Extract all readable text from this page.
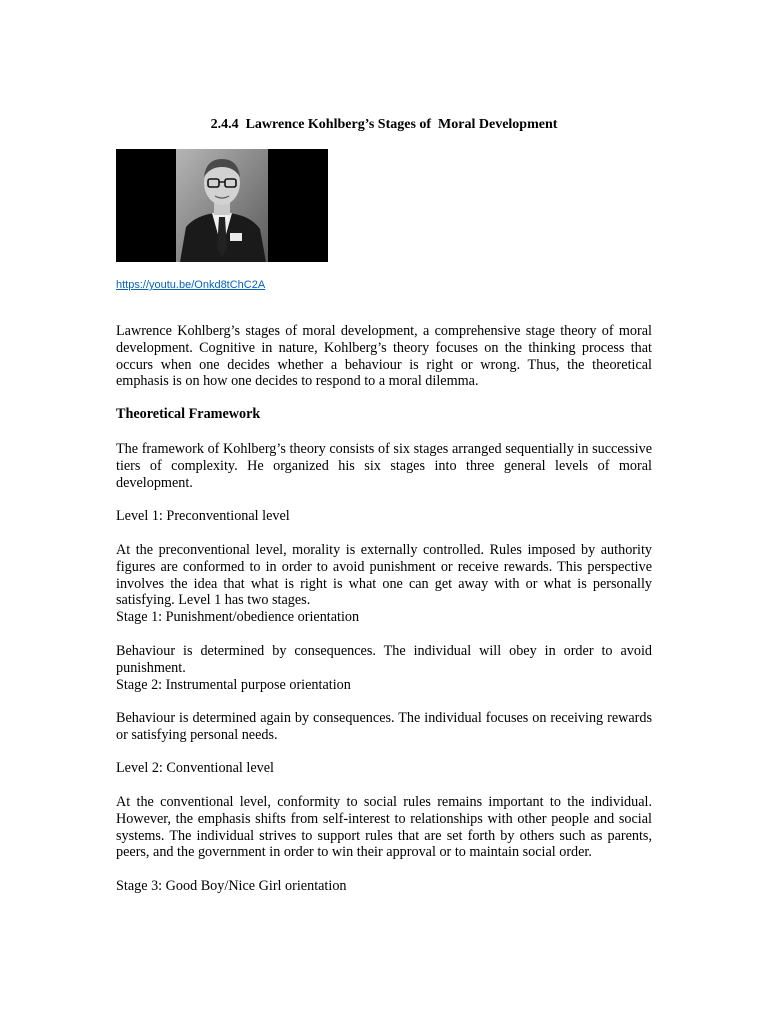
2.4.4  Lawrence Kohlberg’s Stages of  Moral Development
https://youtu.be/Onkd8tChC2A

Lawrence Kohlberg’s stages of moral development, a comprehensive stage theory of moral development. Cognitive in nature, Kohlberg’s theory focuses on the thinking process that occurs when one decides whether a behaviour is right or wrong. Thus, the theoretical emphasis is on how one decides to respond to a moral dilemma.

Theoretical Framework

The framework of Kohlberg’s theory consists of six stages arranged sequentially in successive tiers of complexity. He organized his six stages into three general levels of moral development.

Level 1: Preconventional level

At the preconventional level, morality is externally controlled. Rules imposed by authority figures are conformed to in order to avoid punishment or receive rewards. This perspective involves the idea that what is right is what one can get away with or what is personally satisfying. Level 1 has two stages.

Stage 1: Punishment/obedience orientation

Behaviour is determined by consequences. The individual will obey in order to avoid punishment.

Stage 2: Instrumental purpose orientation

Behaviour is determined again by consequences. The individual focuses on receiving rewards or satisfying personal needs.

Level 2: Conventional level

At the conventional level, conformity to social rules remains important to the individual. However, the emphasis shifts from self-interest to relationships with other people and social systems. The individual strives to support rules that are set forth by others such as parents, peers, and the government in order to win their approval or to maintain social order.

Stage 3: Good Boy/Nice Girl orientation
